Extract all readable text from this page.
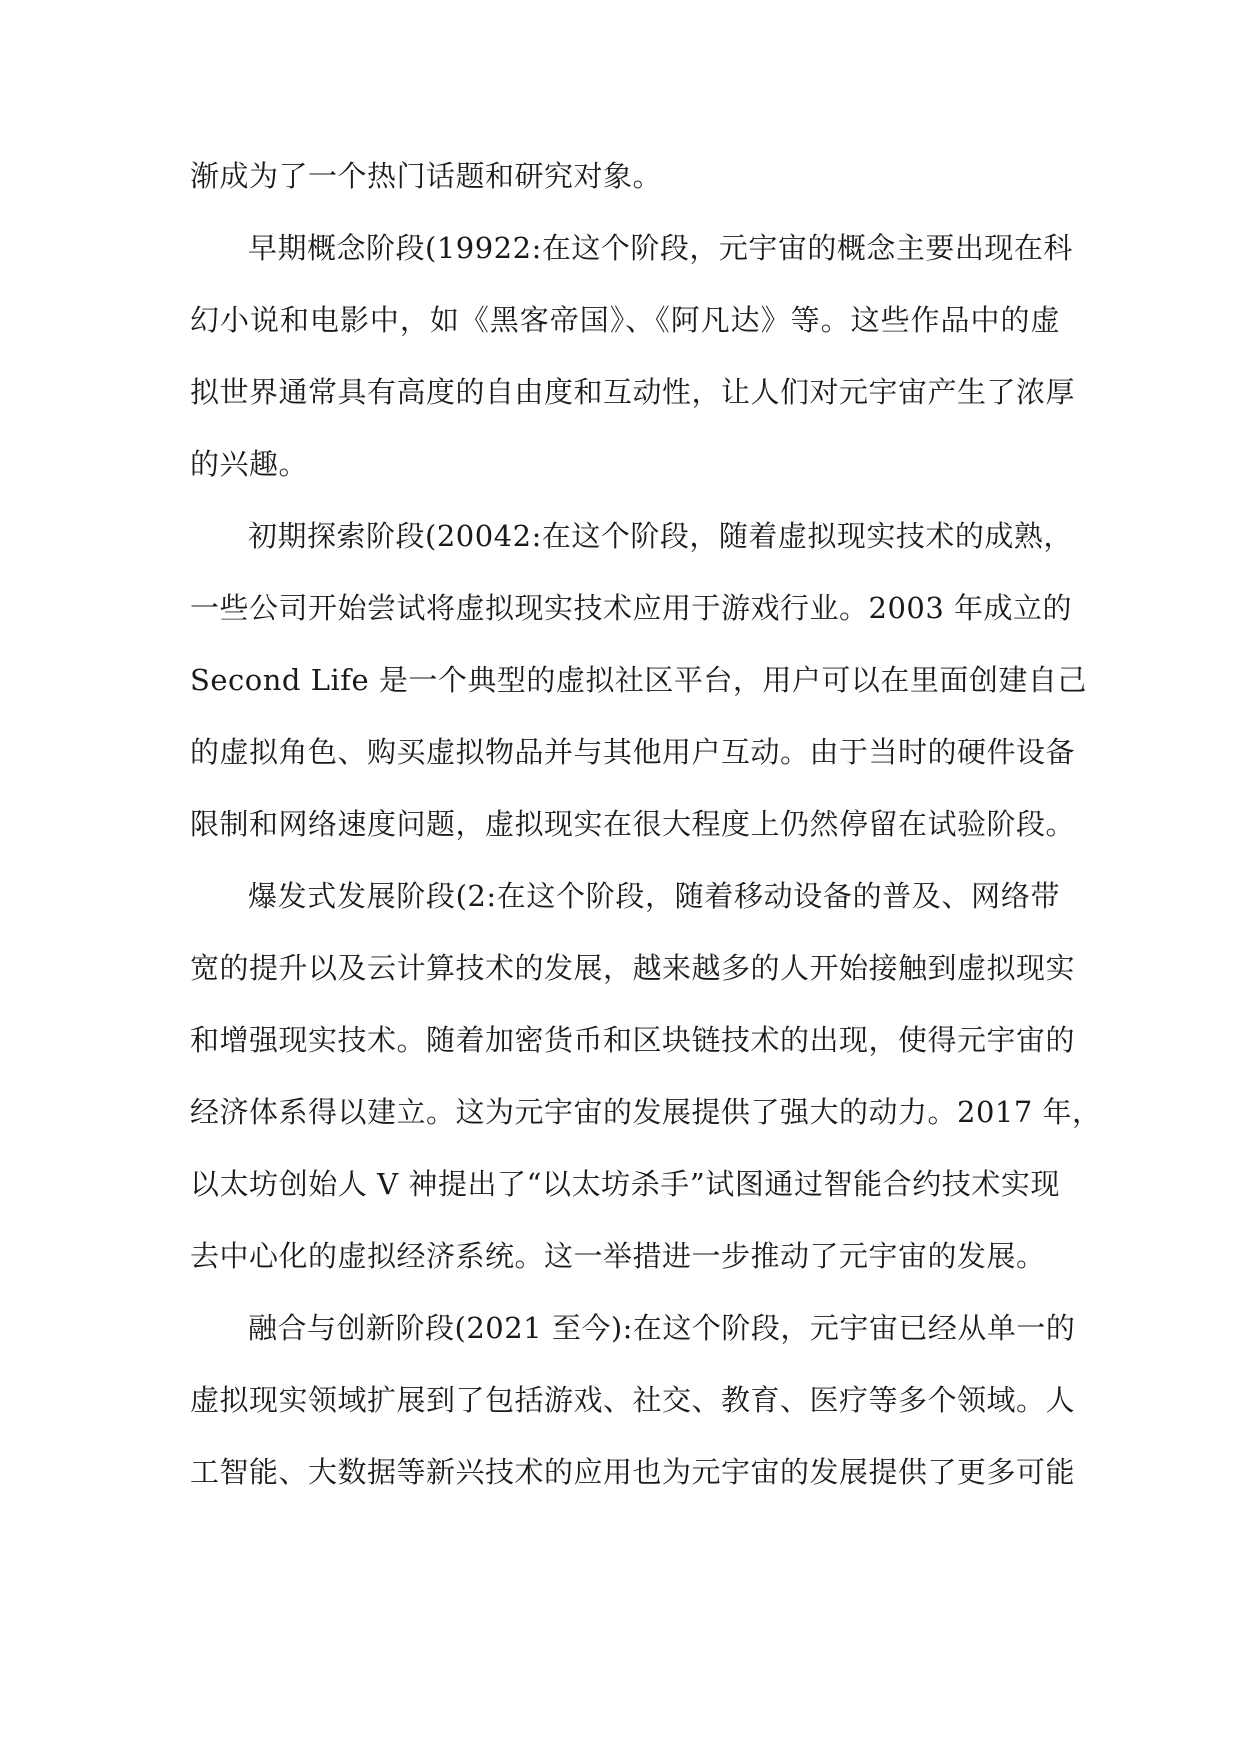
渐成为了一个热门话题和研究对象。
早期概念阶段(19922:在这个阶段，元宇宙的概念主要出现在科
幻小说和电影中，如《黑客帝国》、《阿凡达》等。这些作品中的虚
拟世界通常具有高度的自由度和互动性，让人们对元宇宙产生了浓厚
的兴趣。
初期探索阶段(20042:在这个阶段，随着虚拟现实技术的成熟，
一些公司开始尝试将虚拟现实技术应用于游戏行业。2003 年成立的
Second Life 是一个典型的虚拟社区平台，用户可以在里面创建自己
的虚拟角色、购买虚拟物品并与其他用户互动。由于当时的硬件设备
限制和网络速度问题，虚拟现实在很大程度上仍然停留在试验阶段。
爆发式发展阶段(2:在这个阶段，随着移动设备的普及、网络带
宽的提升以及云计算技术的发展，越来越多的人开始接触到虚拟现实
和增强现实技术。随着加密货币和区块链技术的出现，使得元宇宙的
经济体系得以建立。这为元宇宙的发展提供了强大的动力。2017 年，
以太坊创始人 V 神提出了“以太坊杀手”试图通过智能合约技术实现
去中心化的虚拟经济系统。这一举措进一步推动了元宇宙的发展。
融合与创新阶段(2021 至今):在这个阶段，元宇宙已经从单一的
虚拟现实领域扩展到了包括游戏、社交、教育、医疗等多个领域。人
工智能、大数据等新兴技术的应用也为元宇宙的发展提供了更多可能
